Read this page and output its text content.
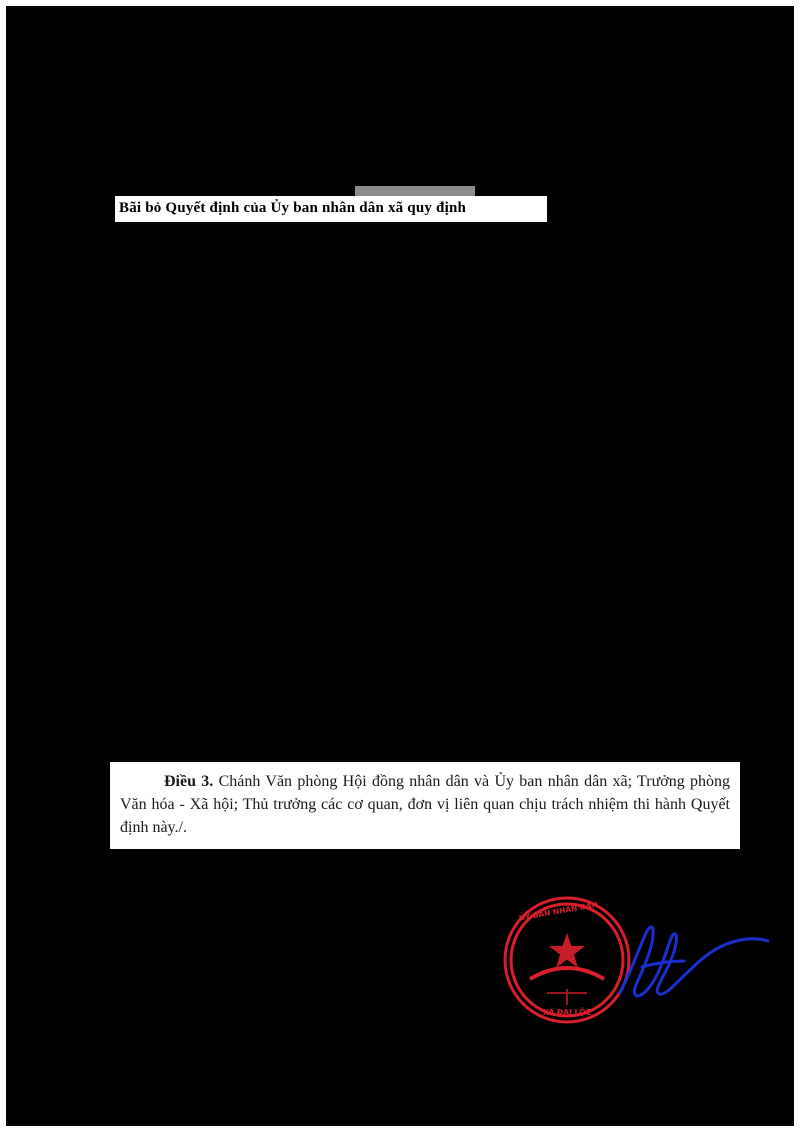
Bãi bỏ Quyết định của Ủy ban nhân dân xã quy định

Điều 3. Chánh Văn phòng Hội đồng nhân dân và Ủy ban nhân dân xã; Trưởng phòng Văn hóa - Xã hội; Thủ trưởng các cơ quan, đơn vị liên quan chịu trách nhiệm thi hành Quyết định này./.

ỦY BAN NHÂN DÂN
XÃ ĐẠI LỘC
